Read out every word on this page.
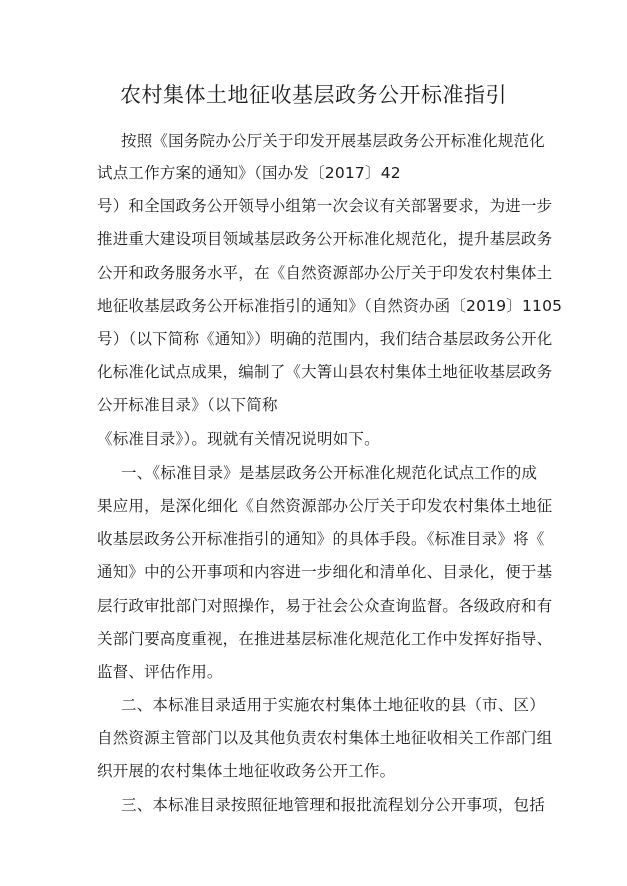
农村集体土地征收基层政务公开标准指引
按照《国务院办公厅关于印发开展基层政务公开标准化规范化
试点工作方案的通知》（国办发〔2017〕42
号）和全国政务公开领导小组第一次会议有关部署要求，为进一步
推进重大建设项目领域基层政务公开标准化规范化，提升基层政务
公开和政务服务水平，在《自然资源部办公厅关于印发农村集体土
地征收基层政务公开标准指引的通知》（自然资办函〔2019〕1105
号）（以下简称《通知》）明确的范围内，我们结合基层政务公开化
化标准化试点成果，编制了《大箐山县农村集体土地征收基层政务
公开标准目录》（以下简称
《标准目录》）。现就有关情况说明如下。
一、《标准目录》是基层政务公开标准化规范化试点工作的成
果应用，是深化细化《自然资源部办公厅关于印发农村集体土地征
收基层政务公开标准指引的通知》的具体手段。《标准目录》将《
通知》中的公开事项和内容进一步细化和清单化、目录化，便于基
层行政审批部门对照操作，易于社会公众查询监督。各级政府和有
关部门要高度重视，在推进基层标准化规范化工作中发挥好指导、
监督、评估作用。
二、本标准目录适用于实施农村集体土地征收的县（市、区）
自然资源主管部门以及其他负责农村集体土地征收相关工作部门组
织开展的农村集体土地征收政务公开工作。
三、本标准目录按照征地管理和报批流程划分公开事项，包括
